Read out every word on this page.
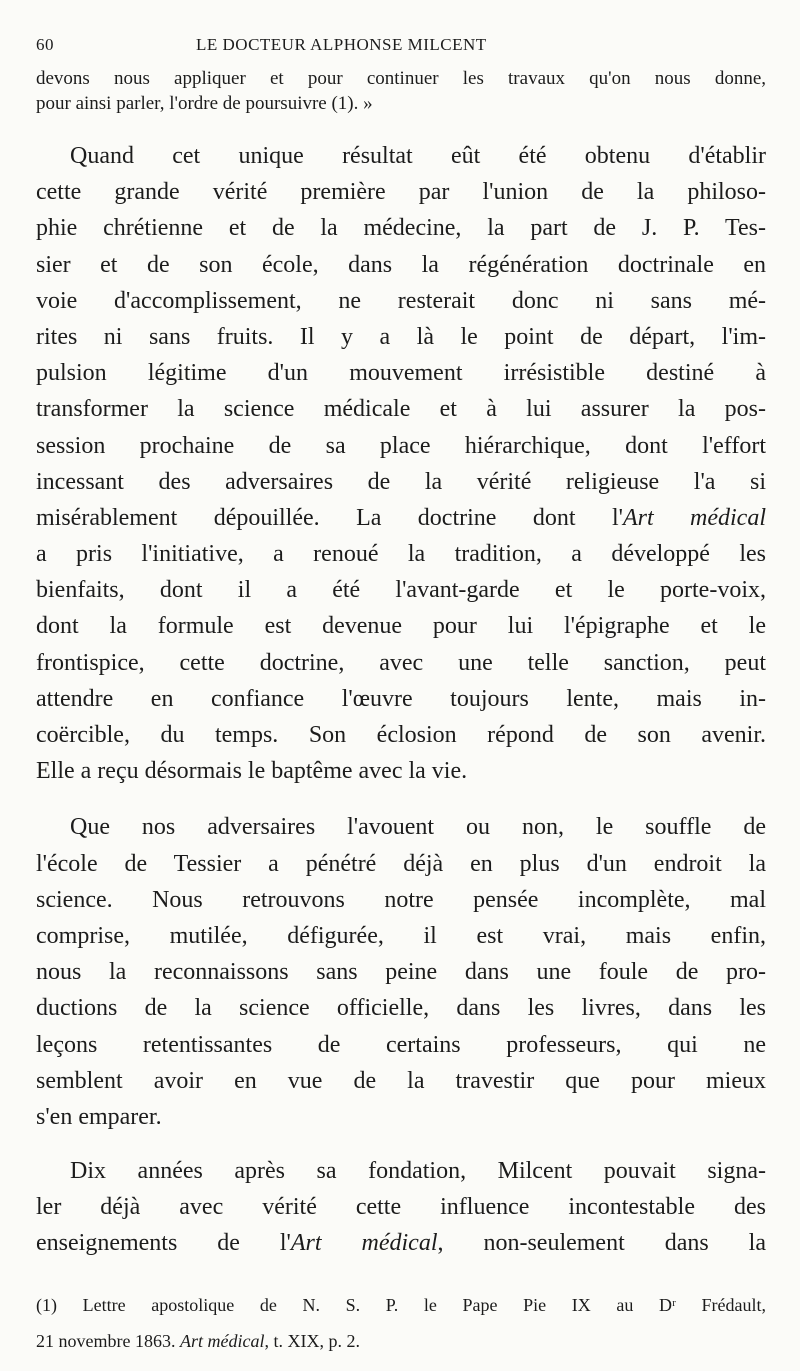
60	LE DOCTEUR ALPHONSE MILCENT
devons nous appliquer et pour continuer les travaux qu'on nous donne,
pour ainsi parler, l'ordre de poursuivre (1). »
Quand cet unique résultat eût été obtenu d'établir
cette grande vérité première par l'union de la philoso-
phie chrétienne et de la médecine, la part de J. P. Tes-
sier et de son école, dans la régénération doctrinale en
voie d'accomplissement, ne resterait donc ni sans mé-
rites ni sans fruits. Il y a là le point de départ, l'im-
pulsion légitime d'un mouvement irrésistible destiné à
transformer la science médicale et à lui assurer la pos-
session prochaine de sa place hiérarchique, dont l'effort
incessant des adversaires de la vérité religieuse l'a si
misérablement dépouillée. La doctrine dont l'Art médical
a pris l'initiative, a renoué la tradition, a développé les
bienfaits, dont il a été l'avant-garde et le porte-voix,
dont la formule est devenue pour lui l'épigraphe et le
frontispice, cette doctrine, avec une telle sanction, peut
attendre en confiance l'œuvre toujours lente, mais in-
coërcible, du temps. Son éclosion répond de son avenir.
Elle a reçu désormais le baptême avec la vie.
Que nos adversaires l'avouent ou non, le souffle de
l'école de Tessier a pénétré déjà en plus d'un endroit la
science. Nous retrouvons notre pensée incomplète, mal
comprise, mutilée, défigurée, il est vrai, mais enfin,
nous la reconnaissons sans peine dans une foule de pro-
ductions de la science officielle, dans les livres, dans les
leçons retentissantes de certains professeurs, qui ne
semblent avoir en vue de la travestir que pour mieux
s'en emparer.
Dix années après sa fondation, Milcent pouvait signa-
ler déjà avec vérité cette influence incontestable des
enseignements de l'Art médical, non-seulement dans la
(1) Lettre apostolique de N. S. P. le Pape Pie IX au Dʳ Frédault,
21 novembre 1863. Art médical, t. XIX, p. 2.
